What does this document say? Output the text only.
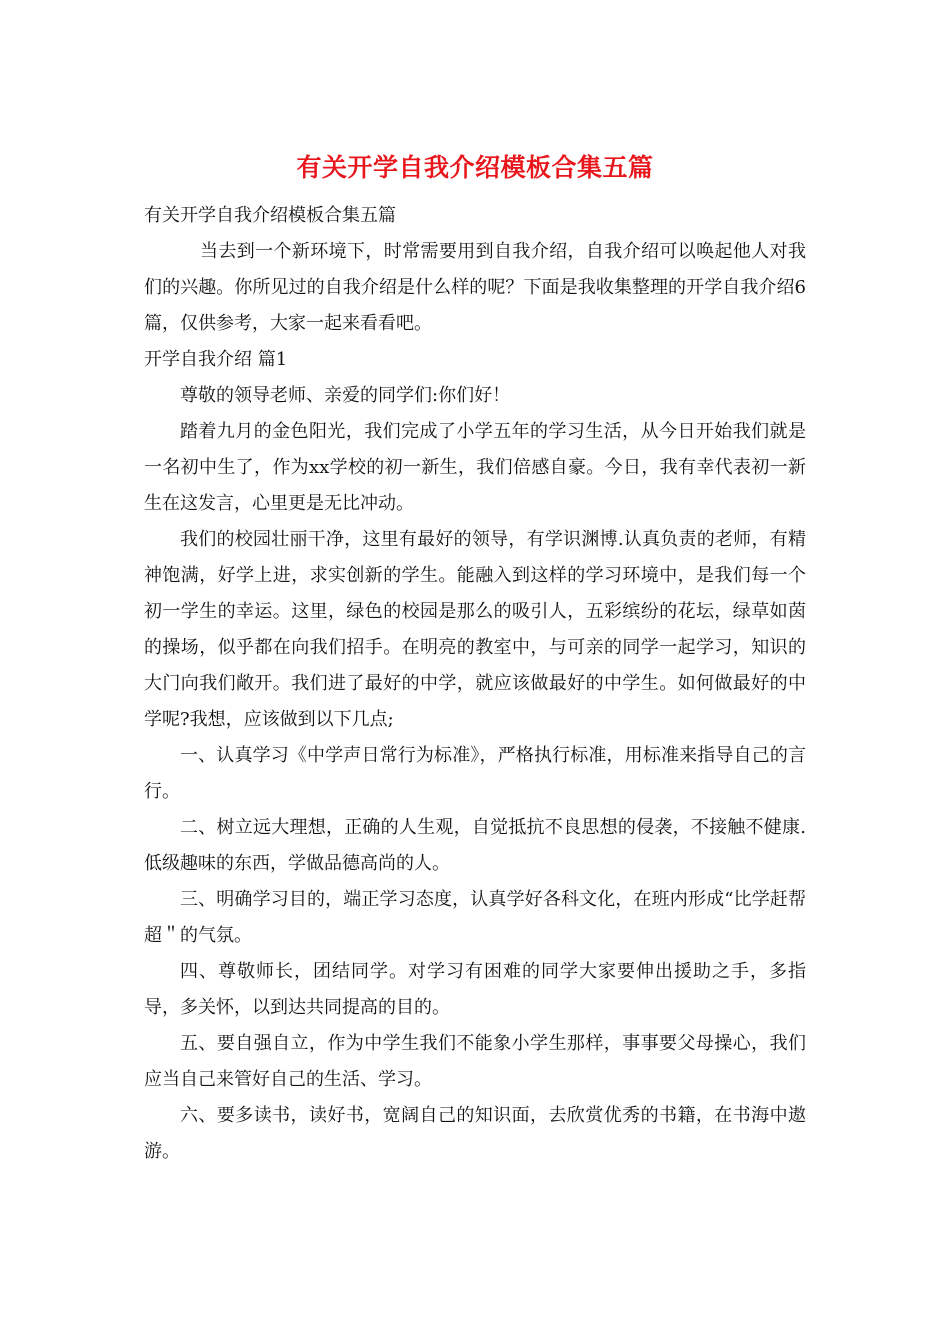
有关开学自我介绍模板合集五篇

有关开学自我介绍模板合集五篇

当去到一个新环境下，时常需要用到自我介绍，自我介绍可以唤起他人对我们的兴趣。你所见过的自我介绍是什么样的呢？下面是我收集整理的开学自我介绍6篇，仅供参考，大家一起来看看吧。

开学自我介绍 篇1

尊敬的领导老师、亲爱的同学们:你们好！

踏着九月的金色阳光，我们完成了小学五年的学习生活，从今日开始我们就是一名初中生了，作为xx学校的初一新生，我们倍感自豪。今日，我有幸代表初一新生在这发言，心里更是无比冲动。

我们的校园壮丽干净，这里有最好的领导，有学识渊博.认真负责的老师，有精神饱满，好学上进，求实创新的学生。能融入到这样的学习环境中，是我们每一个初一学生的幸运。这里，绿色的校园是那么的吸引人，五彩缤纷的花坛，绿草如茵的操场，似乎都在向我们招手。在明亮的教室中，与可亲的同学一起学习，知识的大门向我们敞开。我们进了最好的中学，就应该做最好的中学生。如何做最好的中学呢?我想，应该做到以下几点;

一、认真学习《中学声日常行为标准》，严格执行标准，用标准来指导自己的言行。

二、树立远大理想，正确的人生观，自觉抵抗不良思想的侵袭，不接触不健康.低级趣味的东西，学做品德高尚的人。

三、明确学习目的，端正学习态度，认真学好各科文化，在班内形成“比学赶帮超＂的气氛。

四、尊敬师长，团结同学。对学习有困难的同学大家要伸出援助之手，多指导，多关怀，以到达共同提高的目的。

五、要自强自立，作为中学生我们不能象小学生那样，事事要父母操心，我们应当自己来管好自己的生活、学习。

六、要多读书，读好书，宽阔自己的知识面，去欣赏优秀的书籍，在书海中遨游。
